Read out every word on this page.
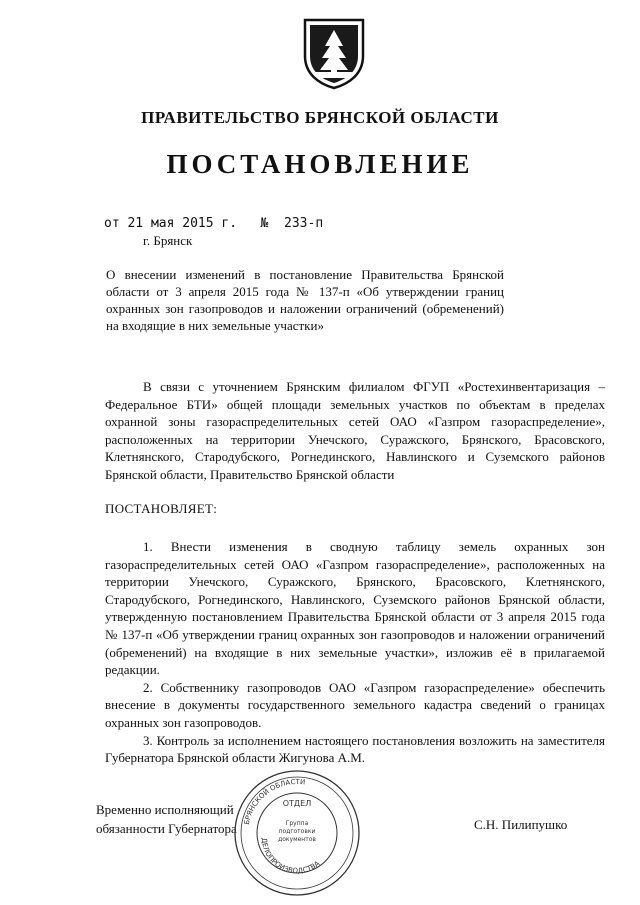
ПРАВИТЕЛЬСТВО БРЯНСКОЙ ОБЛАСТИ
ПОСТАНОВЛЕНИЕ
от 21 мая 2015 г. № 233-п
г. Брянск
О внесении изменений в постановление Правительства Брянской области от 3 апреля 2015 года № 137-п «Об утверждении границ охранных зон газопроводов и наложении ограничений (обременений) на входящие в них земельные участки»

В связи с уточнением Брянским филиалом ФГУП «Ростехинвентаризация – Федеральное БТИ» общей площади земельных участков по объектам в пределах охранной зоны газораспределительных сетей ОАО «Газпром газораспределение», расположенных на территории Унечского, Суражского, Брянского, Брасовского, Клетнянского, Стародубского, Рогнединского, Навлинского и Суземского районов Брянской области, Правительство Брянской области

ПОСТАНОВЛЯЕТ:

1. Внести изменения в сводную таблицу земель охранных зон газораспределительных сетей ОАО «Газпром газораспределение», расположенных на территории Унечского, Суражского, Брянского, Брасовского, Клетнянского, Стародубского, Рогнединского, Навлинского, Суземского районов Брянской области, утвержденную постановлением Правительства Брянской области от 3 апреля 2015 года № 137-п «Об утверждении границ охранных зон газопроводов и наложении ограничений (обременений) на входящие в них земельные участки», изложив её в прилагаемой редакции.

2. Собственнику газопроводов ОАО «Газпром газораспределение» обеспечить внесение в документы государственного земельного кадастра сведений о границах охранных зон газопроводов.

3. Контроль за исполнением настоящего постановления возложить на заместителя Губернатора Брянской области Жигунова А.М.

Временно исполняющий
обязанности Губернатора	С.Н. Пилипушко
БРЯНСКОЙ ОБЛАСТИ
ОТДЕЛ
Группа
подготовки
документов
ДЕЛОПРОИЗВОДСТВА
